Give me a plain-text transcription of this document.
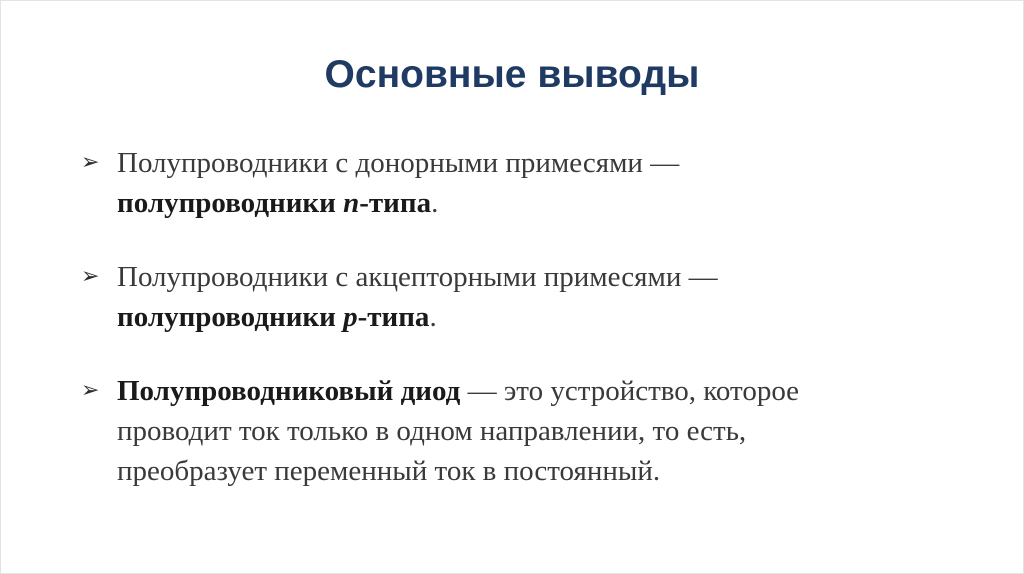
Основные выводы
➢ Полупроводники с донорными примесями —
полупроводники n-типа.
➢ Полупроводники с акцепторными примесями —
полупроводники p-типа.
➢ Полупроводниковый диод — это устройство, которое
проводит ток только в одном направлении, то есть,
преобразует переменный ток в постоянный.
